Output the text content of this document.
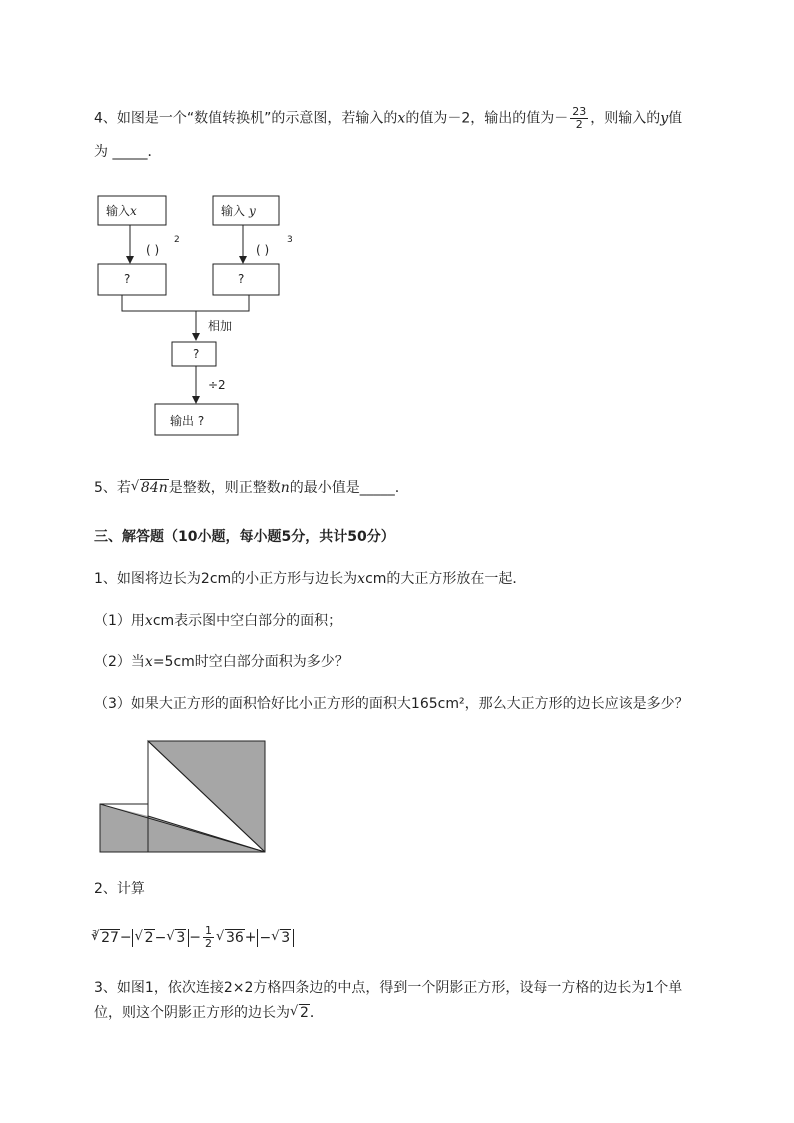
4、如图是一个“数值转换机”的示意图，若输入的x的值为－2，输出的值为－ $\frac{23}{2}$ ，则输入的y值
为 _____．
输入 x	输入 y
( )
2
( )
3
?	?
相加
?
÷2
输出 ?
5、若 √ 84n是整数，则正整数n的最小值是_____.
三、解答题（10小题，每小题5分，共计50分）
1、如图将边长为2cm的小正方形与边长为xcm的大正方形放在一起．
（1）用xcm表示图中空白部分的面积；
（2）当x=5cm时空白部分面积为多少？
（3）如果大正方形的面积恰好比小正方形的面积大165cm²，那么大正方形的边长应该是多少？
2、计算
$^3$ √ 27− √ 2− √ $3 - \frac{1}{2}$ √ 36+ − √ 3
3、如图1，依次连接2×2方格四条边的中点，得到一个阴影正方形，设每一方格的边长为1个单
位，则这个阴影正方形的边长为 √ 2．
